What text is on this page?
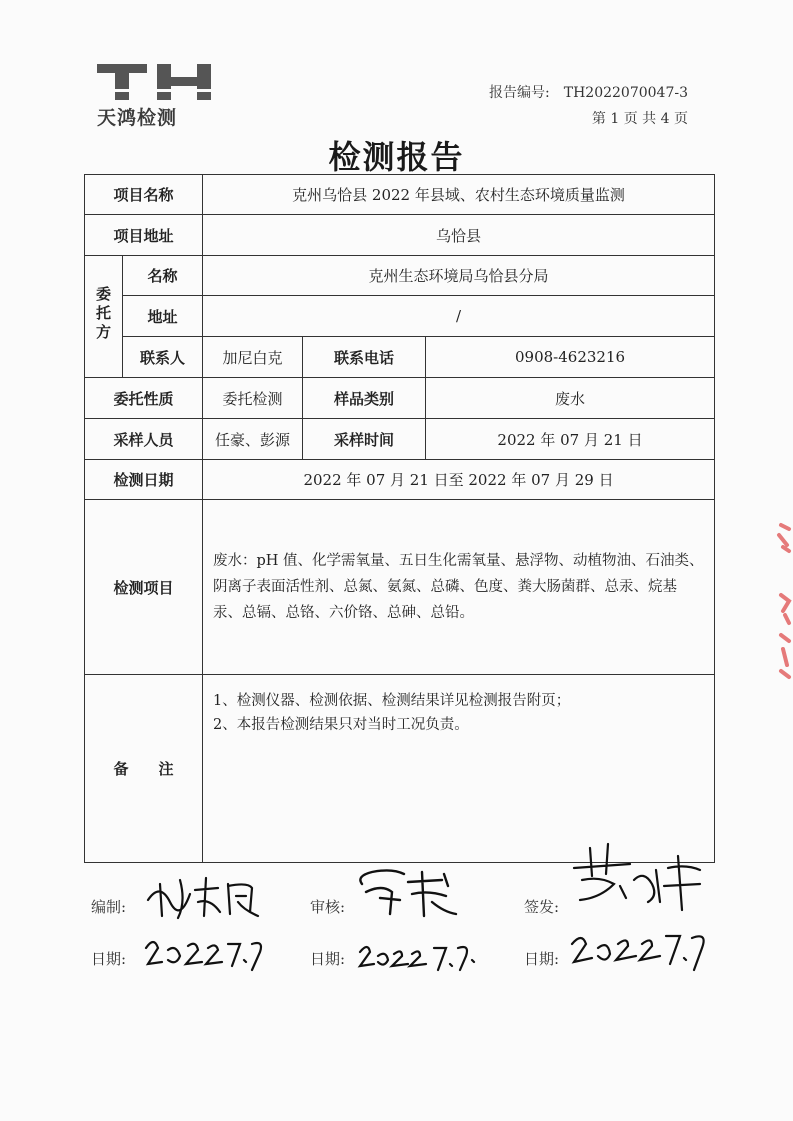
天鸿检测
报告编号: TH2022070047-3
第 1 页 共 4 页
检测报告
项目名称		克州乌恰县 2022 年县域、农村生态环境质量监测		
项目地址		乌恰县		
委托方	名称	克州生态环境局乌恰县分局		
	地址	/		
	联系人	加尼白克	联系电话	0908-4623216
委托性质		委托检测	样品类别	废水
采样人员		任豪、彭源	采样时间	2022 年 07 月 21 日
检测日期		2022 年 07 月 21 日至 2022 年 07 月 29 日		
检测项目		废水：pH 值、化学需氧量、五日生化需氧量、悬浮物、动植物油、石油类、阴离子表面活性剂、总氮、氨氮、总磷、色度、粪大肠菌群、总汞、烷基汞、总镉、总铬、六价铬、总砷、总铅。		
备　　注		1、检测仪器、检测依据、检测结果详见检测报告附页；
2、本报告检测结果只对当时工况负责。		
编制:	审核:	签发:
日期:	日期:	日期:
